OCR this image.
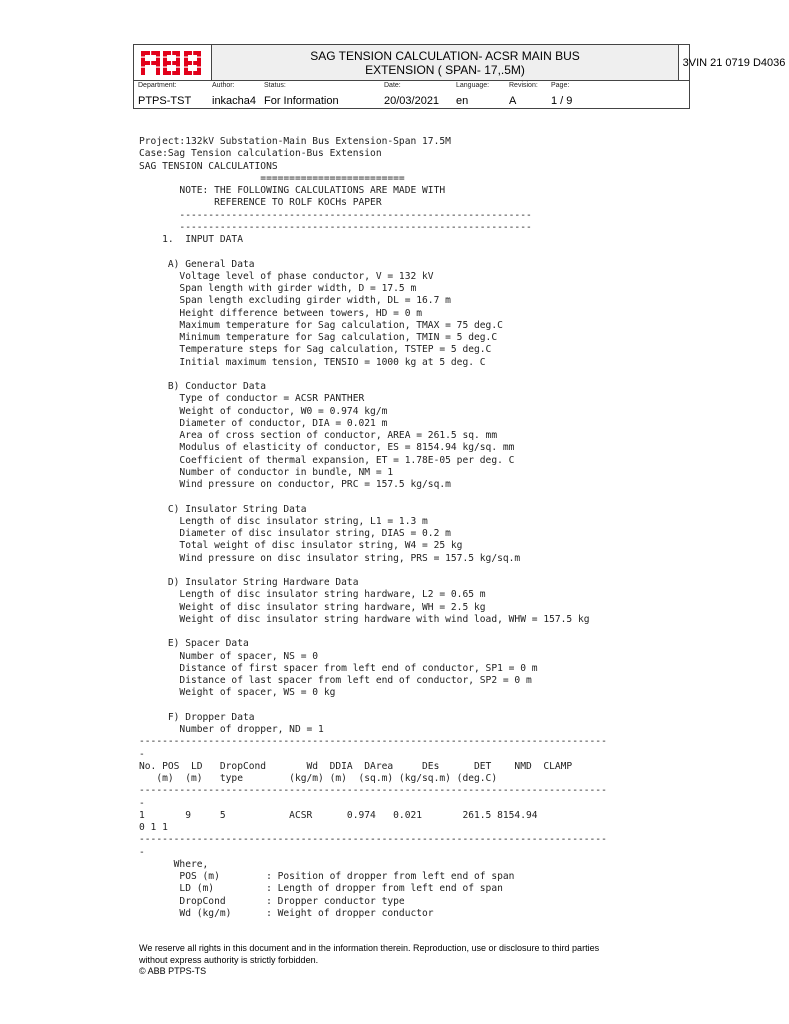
SAG TENSION CALCULATION- ACSR MAIN BUS EXTENSION ( SPAN- 17,.5M)	3VIN 21 0719 D4036
Department:
PTPS-TST
Author:
inkacha4
Status:
For Information
Date:
20/03/2021
Language:
en
Revision:
A
Page:
1 / 9
Project:132kV Substation-Main Bus Extension-Span 17.5M
Case:Sag Tension calculation-Bus Extension
SAG TENSION CALCULATIONS
=========================
NOTE: THE FOLLOWING CALCULATIONS ARE MADE WITH
REFERENCE TO ROLF KOCHs PAPER
-------------------------------------------------------------
-------------------------------------------------------------
1.  INPUT DATA
A) General Data
Voltage level of phase conductor, V = 132 kV
Span length with girder width, D = 17.5 m
Span length excluding girder width, DL = 16.7 m
Height difference between towers, HD = 0 m
Maximum temperature for Sag calculation, TMAX = 75 deg.C
Minimum temperature for Sag calculation, TMIN = 5 deg.C
Temperature steps for Sag calculation, TSTEP = 5 deg.C
Initial maximum tension, TENSIO = 1000 kg at 5 deg. C
B) Conductor Data
Type of conductor = ACSR PANTHER
Weight of conductor, W0 = 0.974 kg/m
Diameter of conductor, DIA = 0.021 m
Area of cross section of conductor, AREA = 261.5 sq. mm
Modulus of elasticity of conductor, ES = 8154.94 kg/sq. mm
Coefficient of thermal expansion, ET = 1.78E-05 per deg. C
Number of conductor in bundle, NM = 1
Wind pressure on conductor, PRC = 157.5 kg/sq.m
C) Insulator String Data
Length of disc insulator string, L1 = 1.3 m
Diameter of disc insulator string, DIAS = 0.2 m
Total weight of disc insulator string, W4 = 25 kg
Wind pressure on disc insulator string, PRS = 157.5 kg/sq.m
D) Insulator String Hardware Data
Length of disc insulator string hardware, L2 = 0.65 m
Weight of disc insulator string hardware, WH = 2.5 kg
Weight of disc insulator string hardware with wind load, WHW = 157.5 kg
E) Spacer Data
Number of spacer, NS = 0
Distance of first spacer from left end of conductor, SP1 = 0 m
Distance of last spacer from left end of conductor, SP2 = 0 m
Weight of spacer, WS = 0 kg
F) Dropper Data
Number of dropper, ND = 1
---------------------------------------------------------------------------------
-
No. POS  LD   DropCond       Wd  DDIA  DArea     DEs      DET    NMD  CLAMP
(m)  (m)   type        (kg/m) (m)  (sq.m) (kg/sq.m) (deg.C)
---------------------------------------------------------------------------------
-
1       9     5           ACSR      0.974   0.021       261.5 8154.94
0 1 1
---------------------------------------------------------------------------------
-
Where,
POS (m)        : Position of dropper from left end of span
LD (m)         : Length of dropper from left end of span
DropCond       : Dropper conductor type
Wd (kg/m)      : Weight of dropper conductor
We reserve all rights in this document and in the information therein. Reproduction, use or disclosure to third parties
without express authority is strictly forbidden.
© ABB PTPS-TS
